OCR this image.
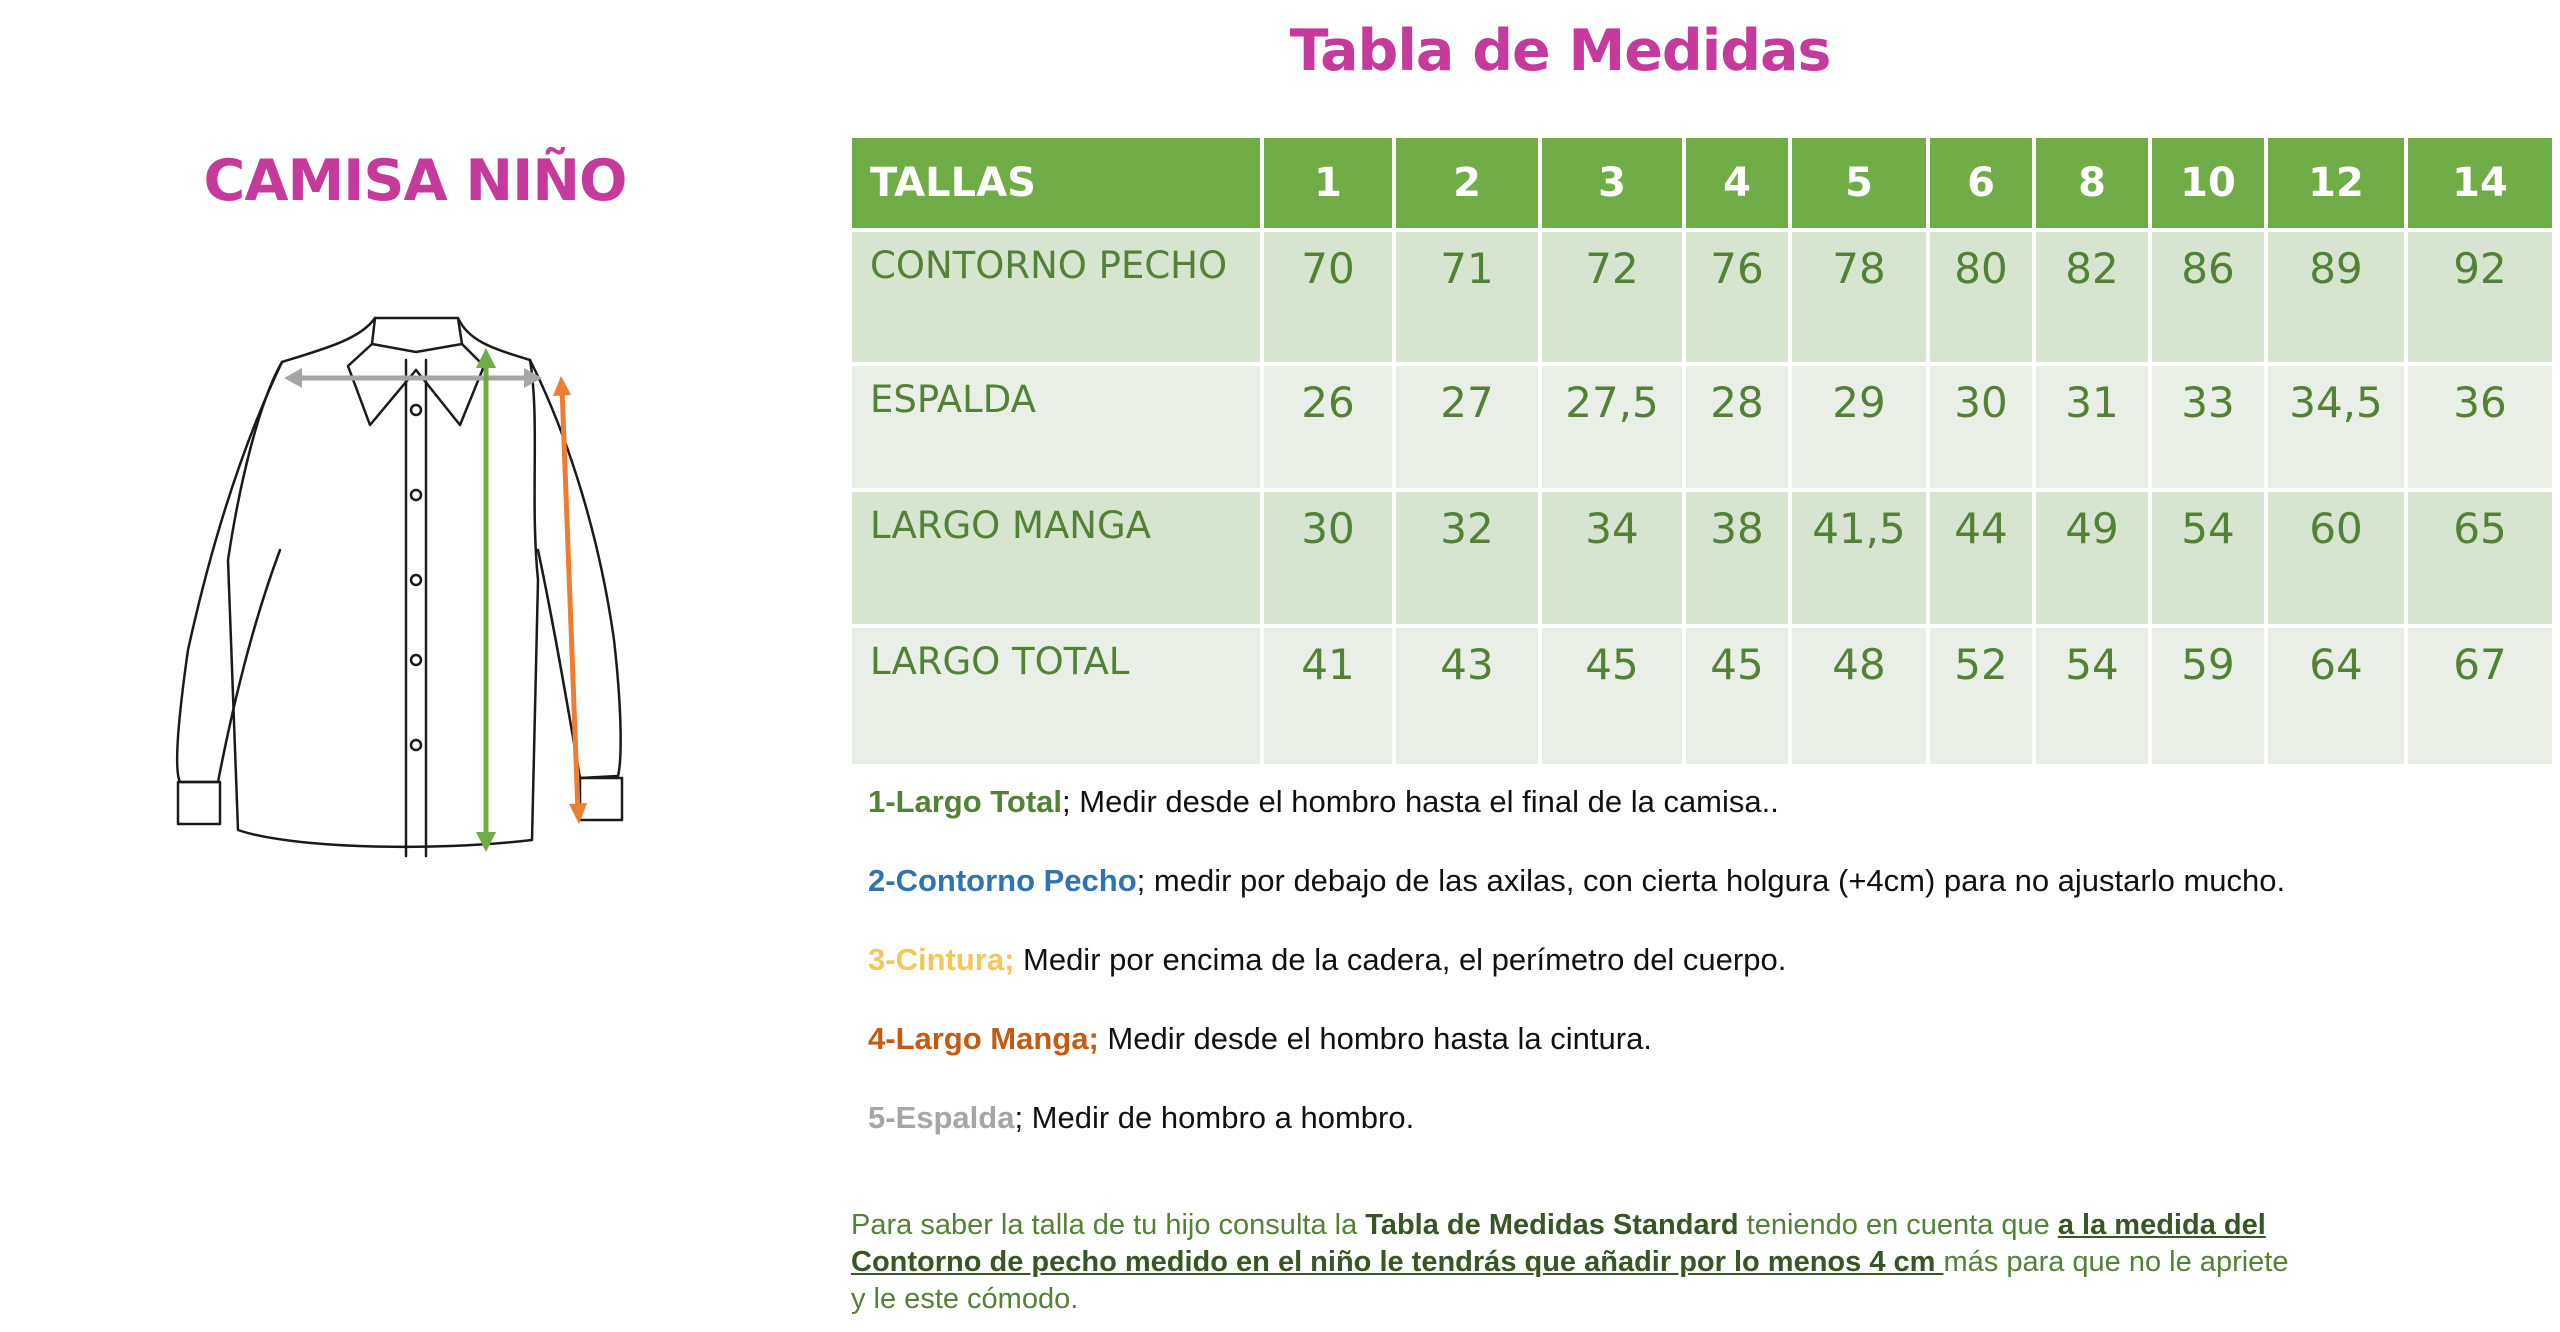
Tabla de Medidas
CAMISA NIÑO	TALLAS	1	2	3	4	5	6	8	10	12	14
CONTORNO PECHO	70	71	72	76	78	80	82	86	89	92
ESPALDA	26	27	27,5	28	29	30	31	33	34,5	36
LARGO MANGA	30	32	34	38	41,5	44	49	54	60	65
LARGO TOTAL	41	43	45	45	48	52	54	59	64	67

1-Largo Total; Medir desde el hombro hasta el final de la camisa..

2-Contorno Pecho; medir por debajo de las axilas, con cierta holgura (+4cm) para no ajustarlo mucho.

3-Cintura; Medir por encima de la cadera, el perímetro del cuerpo.

4-Largo Manga; Medir desde el hombro hasta la cintura.

5-Espalda; Medir de hombro a hombro.

Para saber la talla de tu hijo consulta la Tabla de Medidas Standard teniendo en cuenta que a la medida del Contorno de pecho medido en el niño le tendrás que añadir por lo menos 4 cm más para que no le apriete y le este cómodo.
